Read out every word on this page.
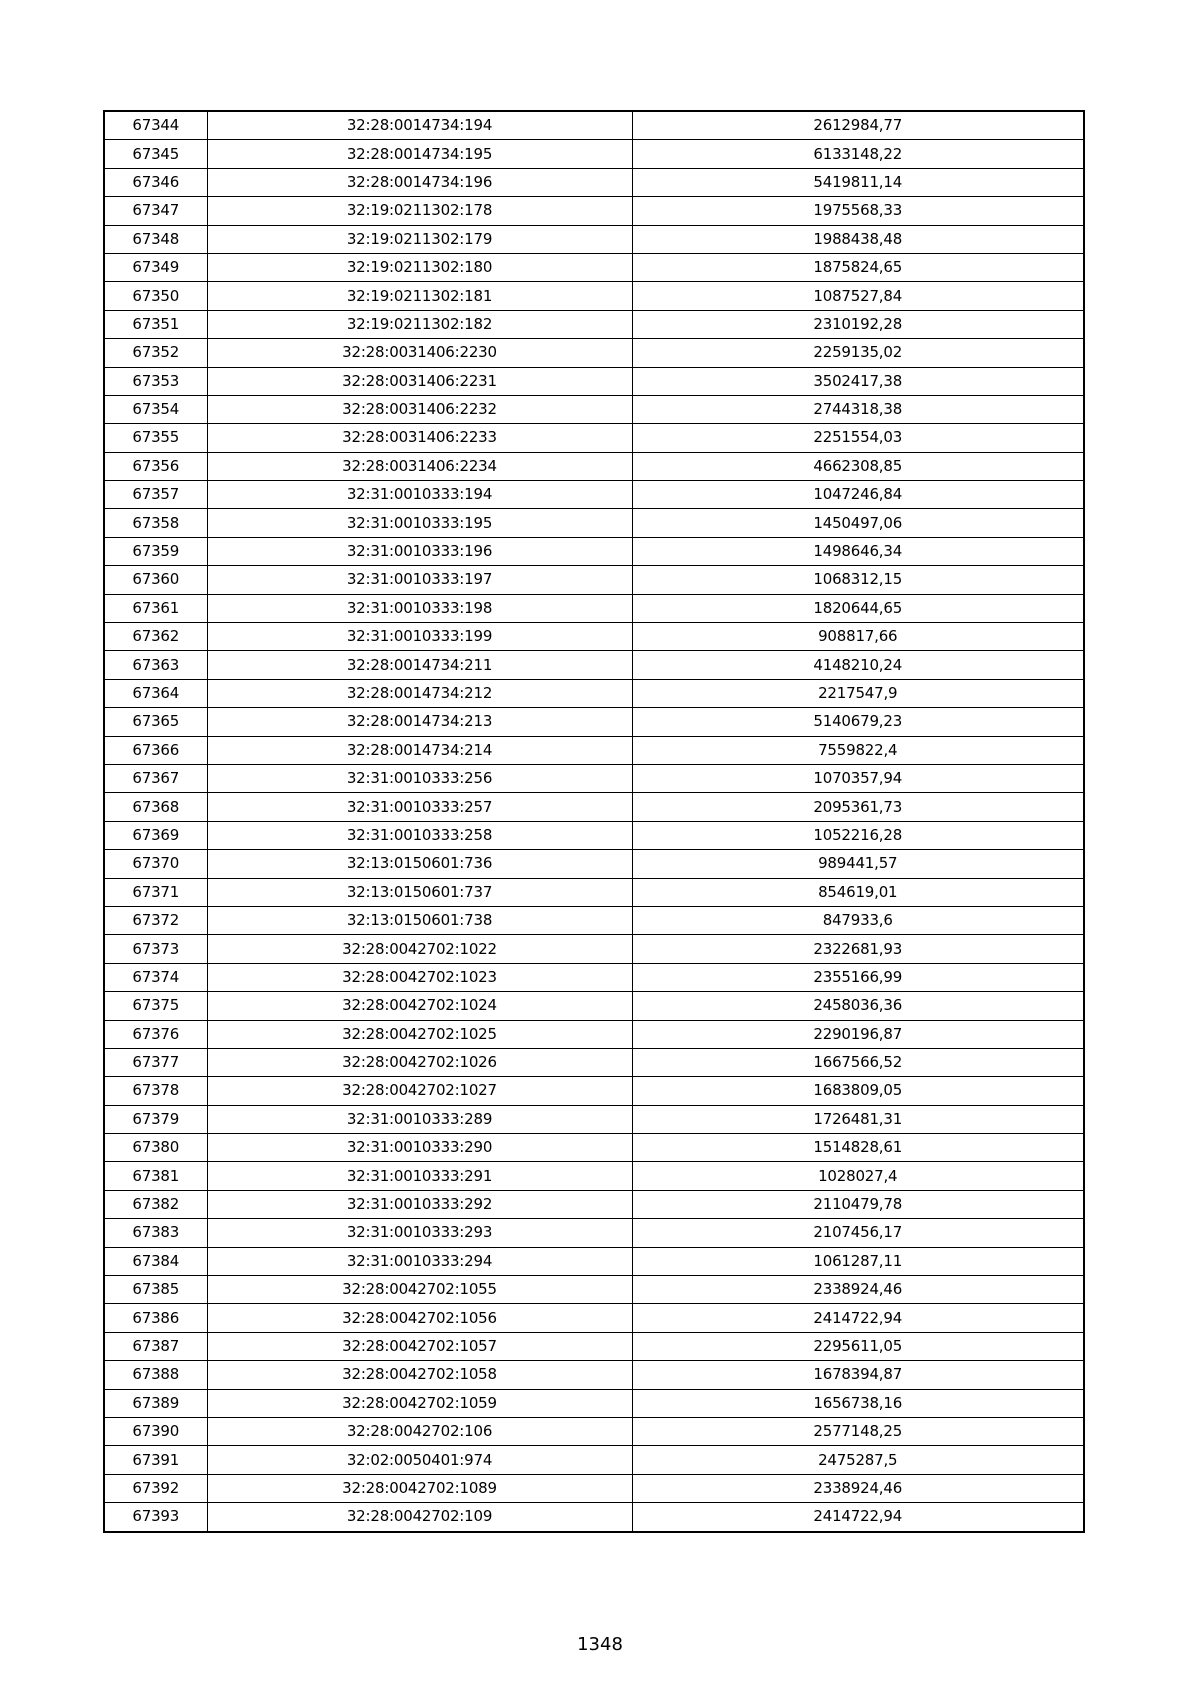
67344	32:28:0014734:194	2612984,77
67345	32:28:0014734:195	6133148,22
67346	32:28:0014734:196	5419811,14
67347	32:19:0211302:178	1975568,33
67348	32:19:0211302:179	1988438,48
67349	32:19:0211302:180	1875824,65
67350	32:19:0211302:181	1087527,84
67351	32:19:0211302:182	2310192,28
67352	32:28:0031406:2230	2259135,02
67353	32:28:0031406:2231	3502417,38
67354	32:28:0031406:2232	2744318,38
67355	32:28:0031406:2233	2251554,03
67356	32:28:0031406:2234	4662308,85
67357	32:31:0010333:194	1047246,84
67358	32:31:0010333:195	1450497,06
67359	32:31:0010333:196	1498646,34
67360	32:31:0010333:197	1068312,15
67361	32:31:0010333:198	1820644,65
67362	32:31:0010333:199	908817,66
67363	32:28:0014734:211	4148210,24
67364	32:28:0014734:212	2217547,9
67365	32:28:0014734:213	5140679,23
67366	32:28:0014734:214	7559822,4
67367	32:31:0010333:256	1070357,94
67368	32:31:0010333:257	2095361,73
67369	32:31:0010333:258	1052216,28
67370	32:13:0150601:736	989441,57
67371	32:13:0150601:737	854619,01
67372	32:13:0150601:738	847933,6
67373	32:28:0042702:1022	2322681,93
67374	32:28:0042702:1023	2355166,99
67375	32:28:0042702:1024	2458036,36
67376	32:28:0042702:1025	2290196,87
67377	32:28:0042702:1026	1667566,52
67378	32:28:0042702:1027	1683809,05
67379	32:31:0010333:289	1726481,31
67380	32:31:0010333:290	1514828,61
67381	32:31:0010333:291	1028027,4
67382	32:31:0010333:292	2110479,78
67383	32:31:0010333:293	2107456,17
67384	32:31:0010333:294	1061287,11
67385	32:28:0042702:1055	2338924,46
67386	32:28:0042702:1056	2414722,94
67387	32:28:0042702:1057	2295611,05
67388	32:28:0042702:1058	1678394,87
67389	32:28:0042702:1059	1656738,16
67390	32:28:0042702:106	2577148,25
67391	32:02:0050401:974	2475287,5
67392	32:28:0042702:1089	2338924,46
67393	32:28:0042702:109	2414722,94
1348
